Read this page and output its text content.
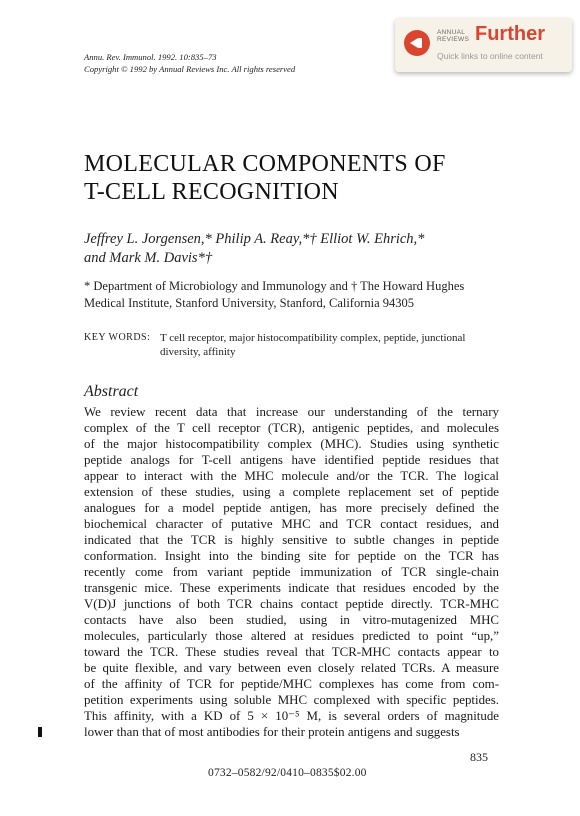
Annu. Rev. Immunol. 1992. 10:835–73
Copyright © 1992 by Annual Reviews Inc. All rights reserved
ANNUAL
REVIEWS Further
Quick links to online content
MOLECULAR COMPONENTS OF
T-CELL RECOGNITION
Jeffrey L. Jorgensen,* Philip A. Reay,*† Elliot W. Ehrich,*
and Mark M. Davis*†
* Department of Microbiology and Immunology and † The Howard Hughes Medical Institute, Stanford University, Stanford, California 94305
KEY WORDS: T cell receptor, major histocompatibility complex, peptide, junctional diversity, affinity
Abstract
We review recent data that increase our understanding of the ternary
complex of the T cell receptor (TCR), antigenic peptides, and molecules
of the major histocompatibility complex (MHC). Studies using synthetic
peptide analogs for T-cell antigens have identified peptide residues that
appear to interact with the MHC molecule and/or the TCR. The logical
extension of these studies, using a complete replacement set of peptide
analogues for a model peptide antigen, has more precisely defined the
biochemical character of putative MHC and TCR contact residues, and
indicated that the TCR is highly sensitive to subtle changes in peptide
conformation. Insight into the binding site for peptide on the TCR has
recently come from variant peptide immunization of TCR single-chain
transgenic mice. These experiments indicate that residues encoded by the
V(D)J junctions of both TCR chains contact peptide directly. TCR-MHC
contacts have also been studied, using in vitro-mutagenized MHC
molecules, particularly those altered at residues predicted to point “up,”
toward the TCR. These studies reveal that TCR-MHC contacts appear to
be quite flexible, and vary between even closely related TCRs. A measure
of the affinity of TCR for peptide/MHC complexes has come from com-
petition experiments using soluble MHC complexed with specific peptides.
This affinity, with a KD of 5 × 10⁻⁵ M, is several orders of magnitude
lower than that of most antibodies for their protein antigens and suggests
835
0732–0582/92/0410–0835$02.00
